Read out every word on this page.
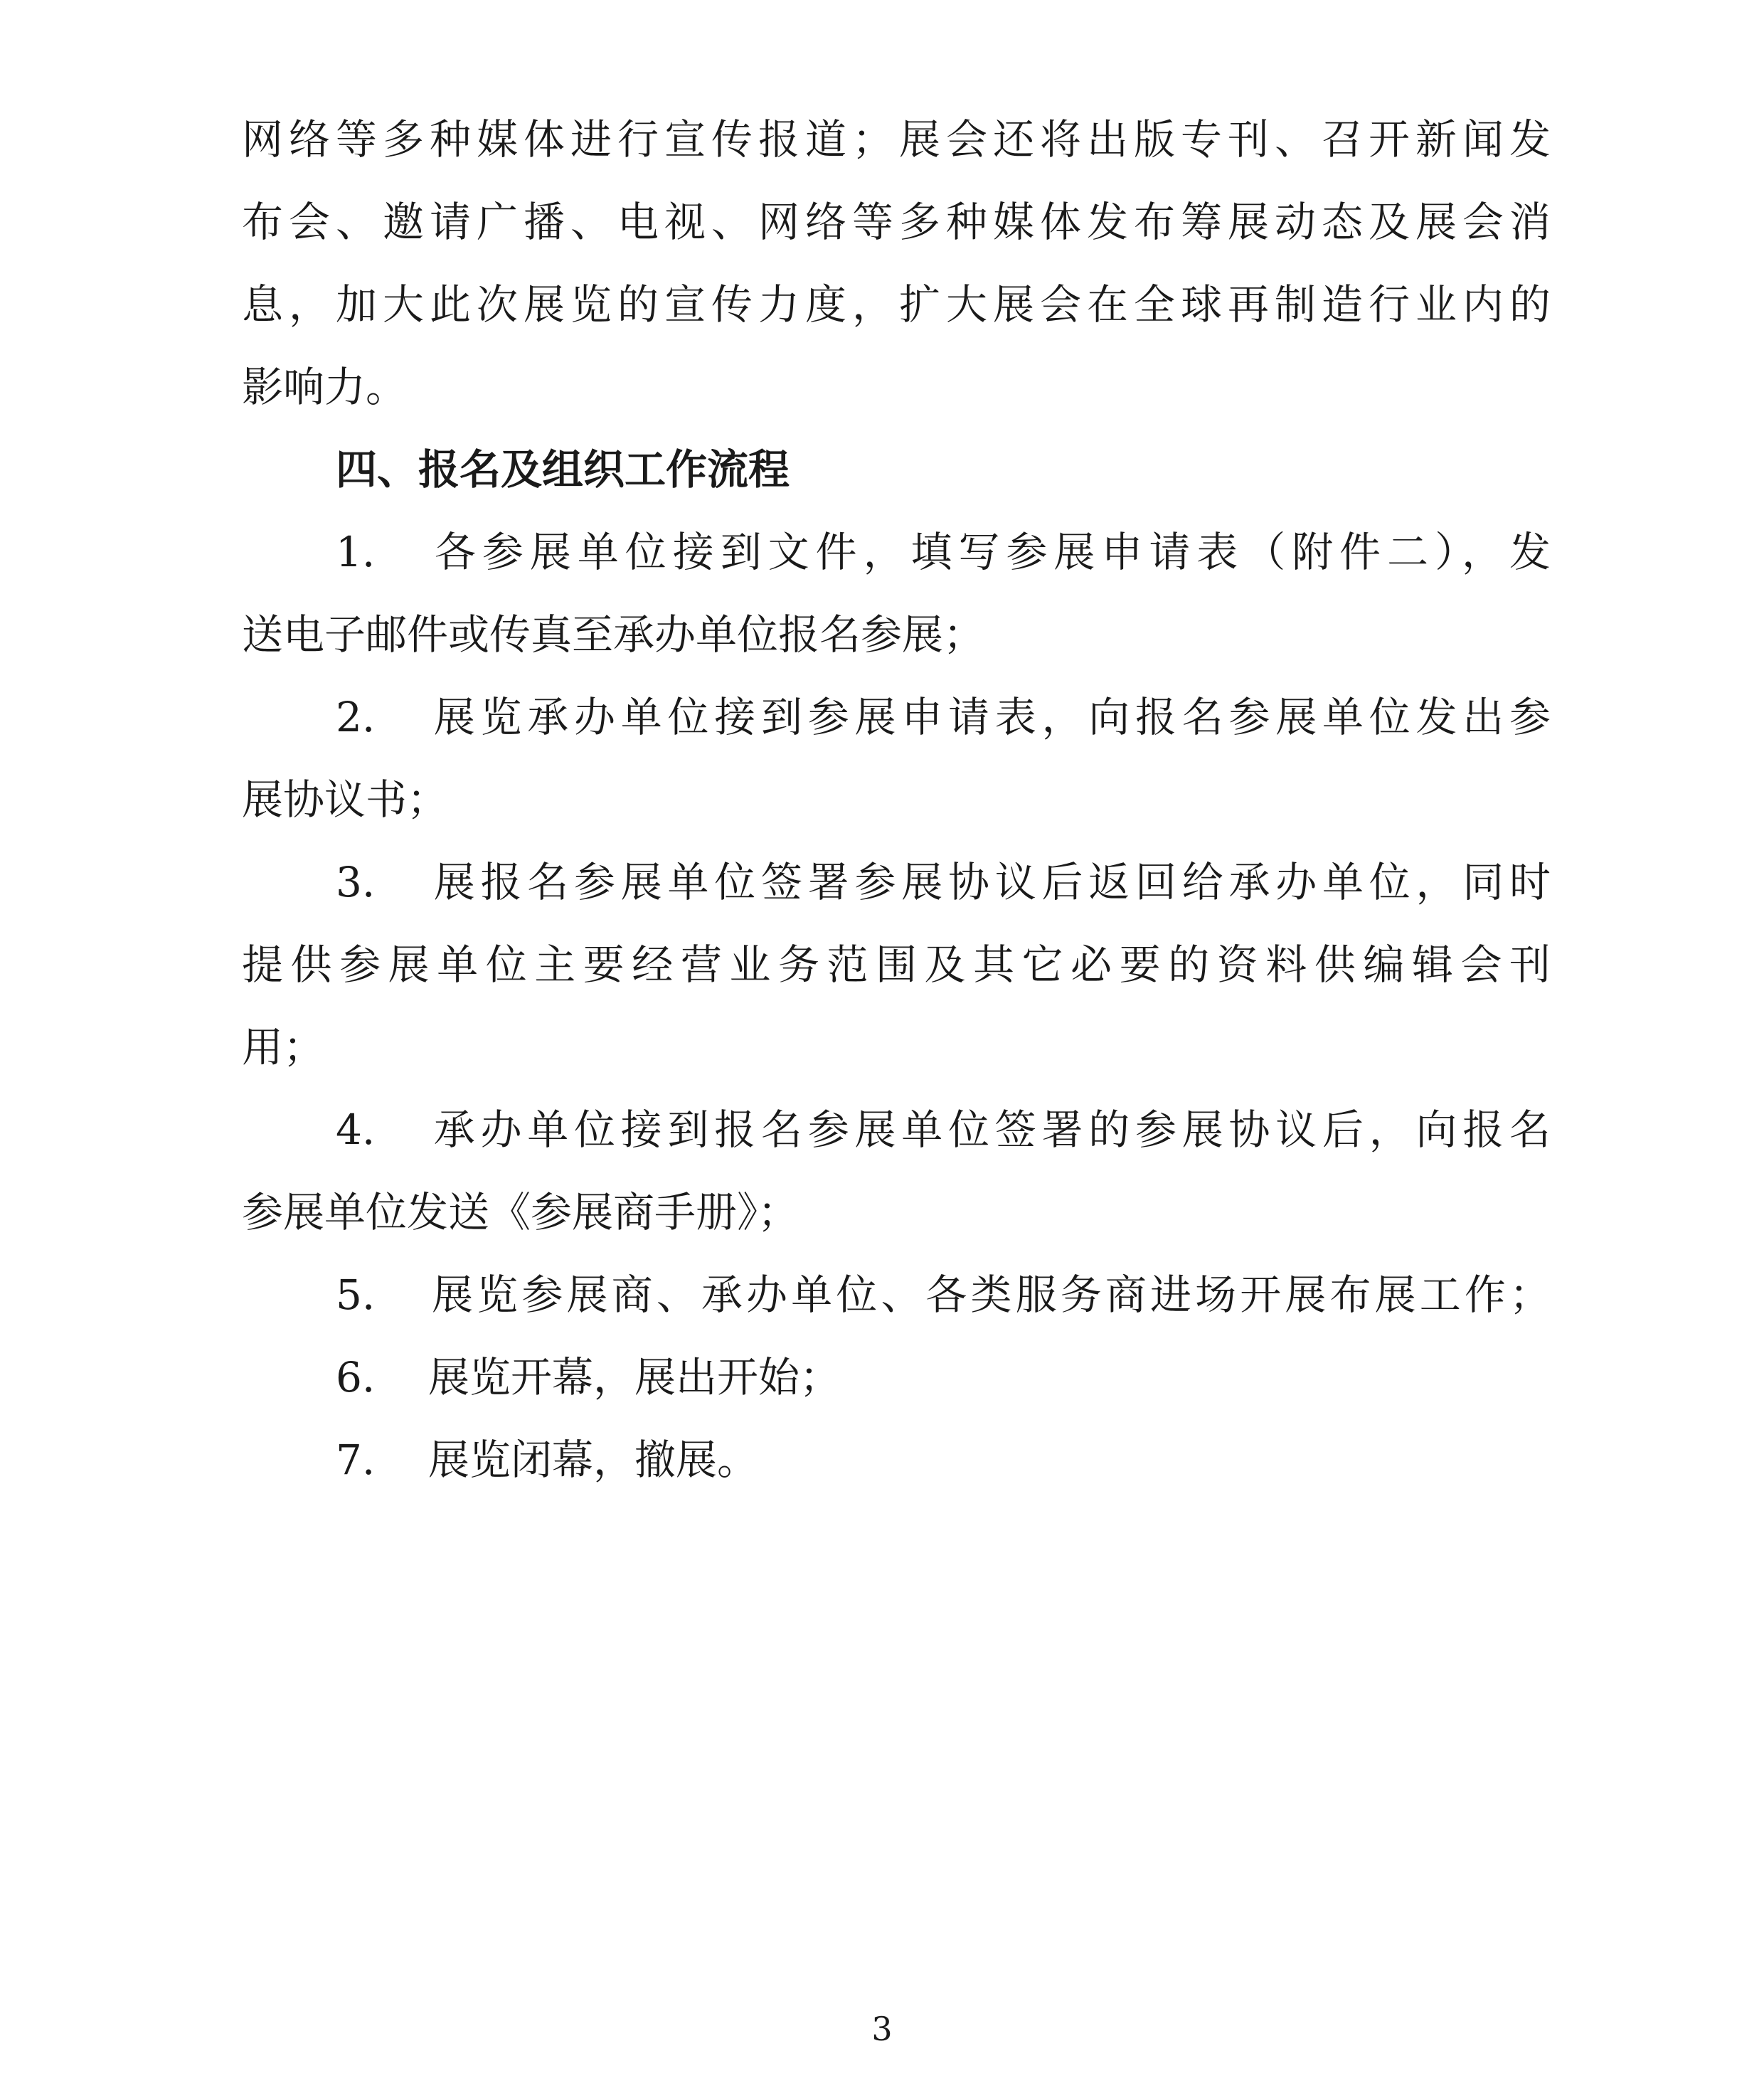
网络等多种媒体进行宣传报道；展会还将出版专刊、召开新闻发
布会、邀请广播、电视、网络等多种媒体发布筹展动态及展会消
息，加大此次展览的宣传力度，扩大展会在全球再制造行业内的
影响力。
四、报名及组织工作流程
1. 各参展单位接到文件，填写参展申请表（附件二），发
送电子邮件或传真至承办单位报名参展；
2. 展览承办单位接到参展申请表，向报名参展单位发出参
展协议书；
3. 展报名参展单位签署参展协议后返回给承办单位，同时
提供参展单位主要经营业务范围及其它必要的资料供编辑会刊
用；
4. 承办单位接到报名参展单位签署的参展协议后，向报名
参展单位发送《参展商手册》；
5. 展览参展商、承办单位、各类服务商进场开展布展工作；
6. 展览开幕，展出开始；
7. 展览闭幕，撤展。
3
